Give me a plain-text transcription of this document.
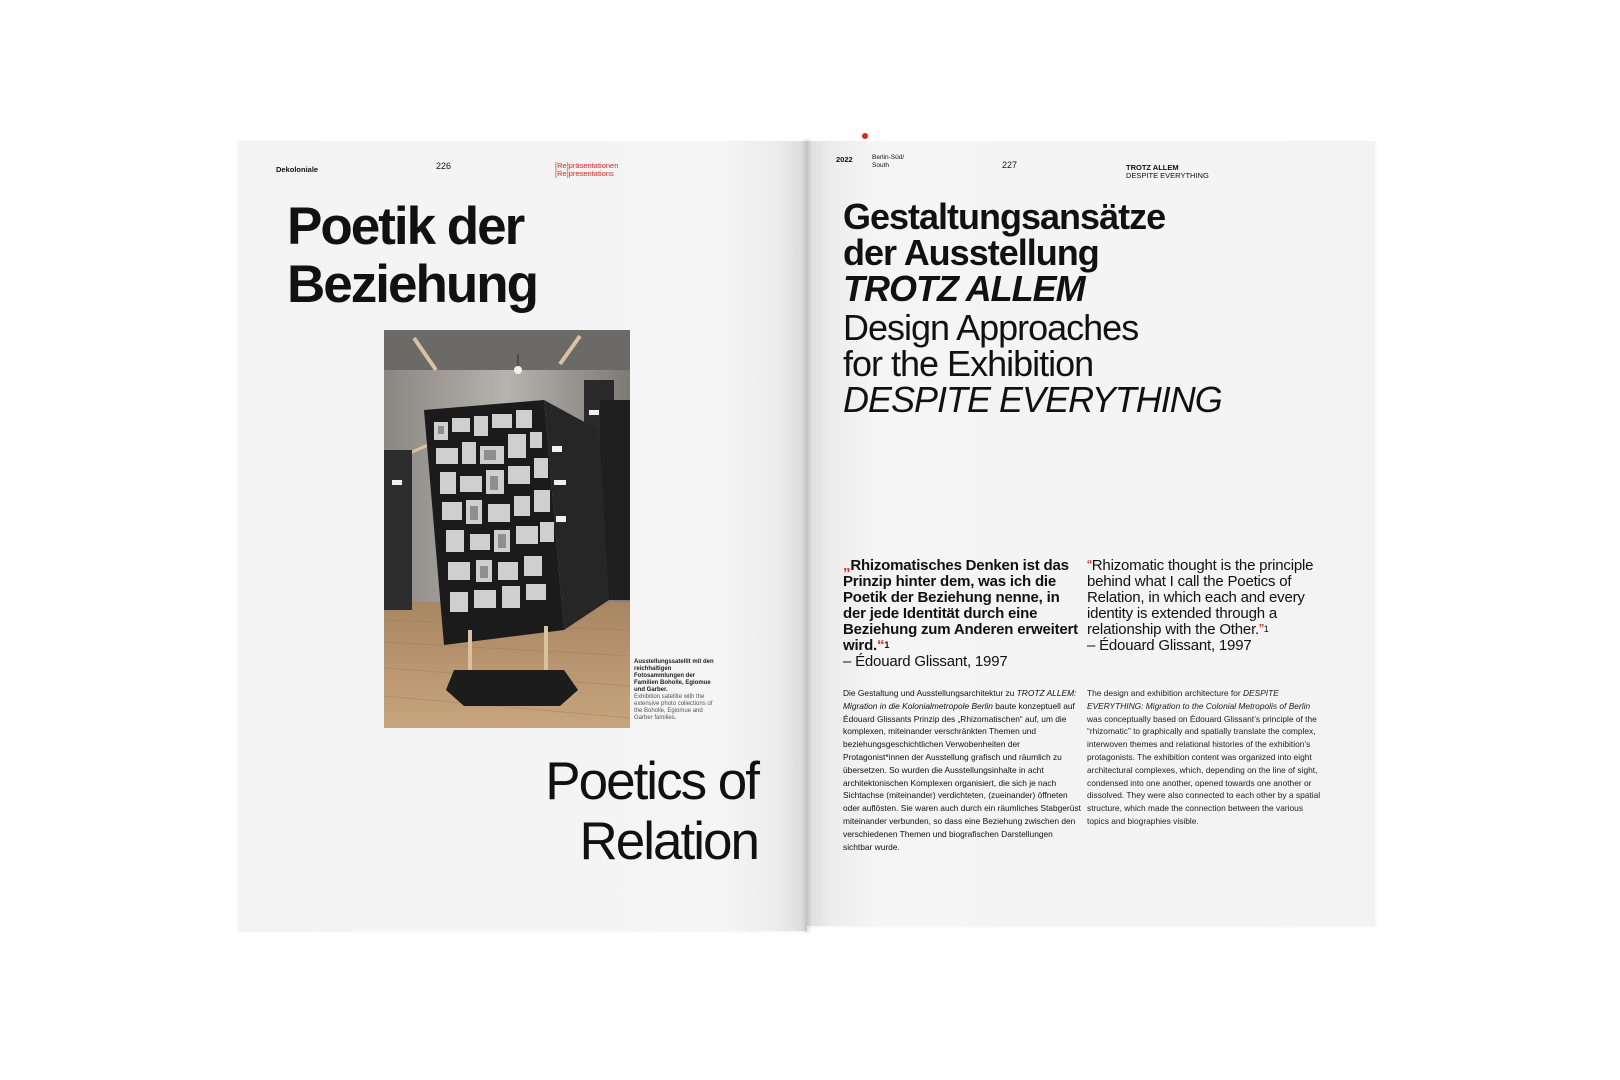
Dekoloniale	226	[Re]präsentationen
[Re]presentations
Poetik der
Beziehung
Ausstellungssatellit mit den reichhaltigen Fotosammlungen der Familien Boholle, Egiomue und Garber.
Exhibition satellite with the extensive photo collections of the Boholle, Egiomue and Garber families.
Poetics of
Relation
2022	Berlin-Süd/
South	227	TROTZ ALLEM
DESPITE EVERYTHING
Gestaltungsansätze
der Ausstellung
TROTZ ALLEM
Design Approaches
for the Exhibition
DESPITE EVERYTHING
„Rhizomatisches Denken ist das Prinzip hinter dem, was ich die Poetik der Beziehung nenne, in der jede Identität durch eine Beziehung zum Anderen erweitert wird.“$^1$
– Édouard Glissant, 1997
“Rhizomatic thought is the principle behind what I call the Poetics of Relation, in which each and every identity is extended through a relationship with the Other.”$^1$
– Édouard Glissant, 1997
Die Gestaltung und Ausstellungsarchitektur zu TROTZ ALLEM: Migration in die Kolonialmetropole Berlin baute konzeptuell auf Édouard Glissants Prinzip des „Rhizomatischen“ auf, um die komplexen, miteinander verschränkten Themen und beziehungsgeschichtlichen Verwobenheiten der Protagonist*innen der Ausstellung grafisch und räumlich zu übersetzen. So wurden die Ausstellungsinhalte in acht architektonischen Komplexen organisiert, die sich je nach Sichtachse (miteinander) verdichteten, (zueinander) öffneten oder auflösten. Sie waren auch durch ein räumliches Stabgerüst miteinander verbunden, so dass eine Beziehung zwischen den verschiedenen Themen und biografischen Darstellungen sichtbar wurde.
The design and exhibition architecture for DESPITE EVERYTHING: Migration to the Colonial Metropolis of Berlin was conceptually based on Édouard Glissant’s principle of the “rhizomatic” to graphically and spatially translate the complex, interwoven themes and relational histories of the exhibition’s protagonists. The exhibition content was organized into eight architectural complexes, which, depending on the line of sight, condensed into one another, opened towards one another or dissolved. They were also connected to each other by a spatial structure, which made the connection between the various topics and biographies visible.
